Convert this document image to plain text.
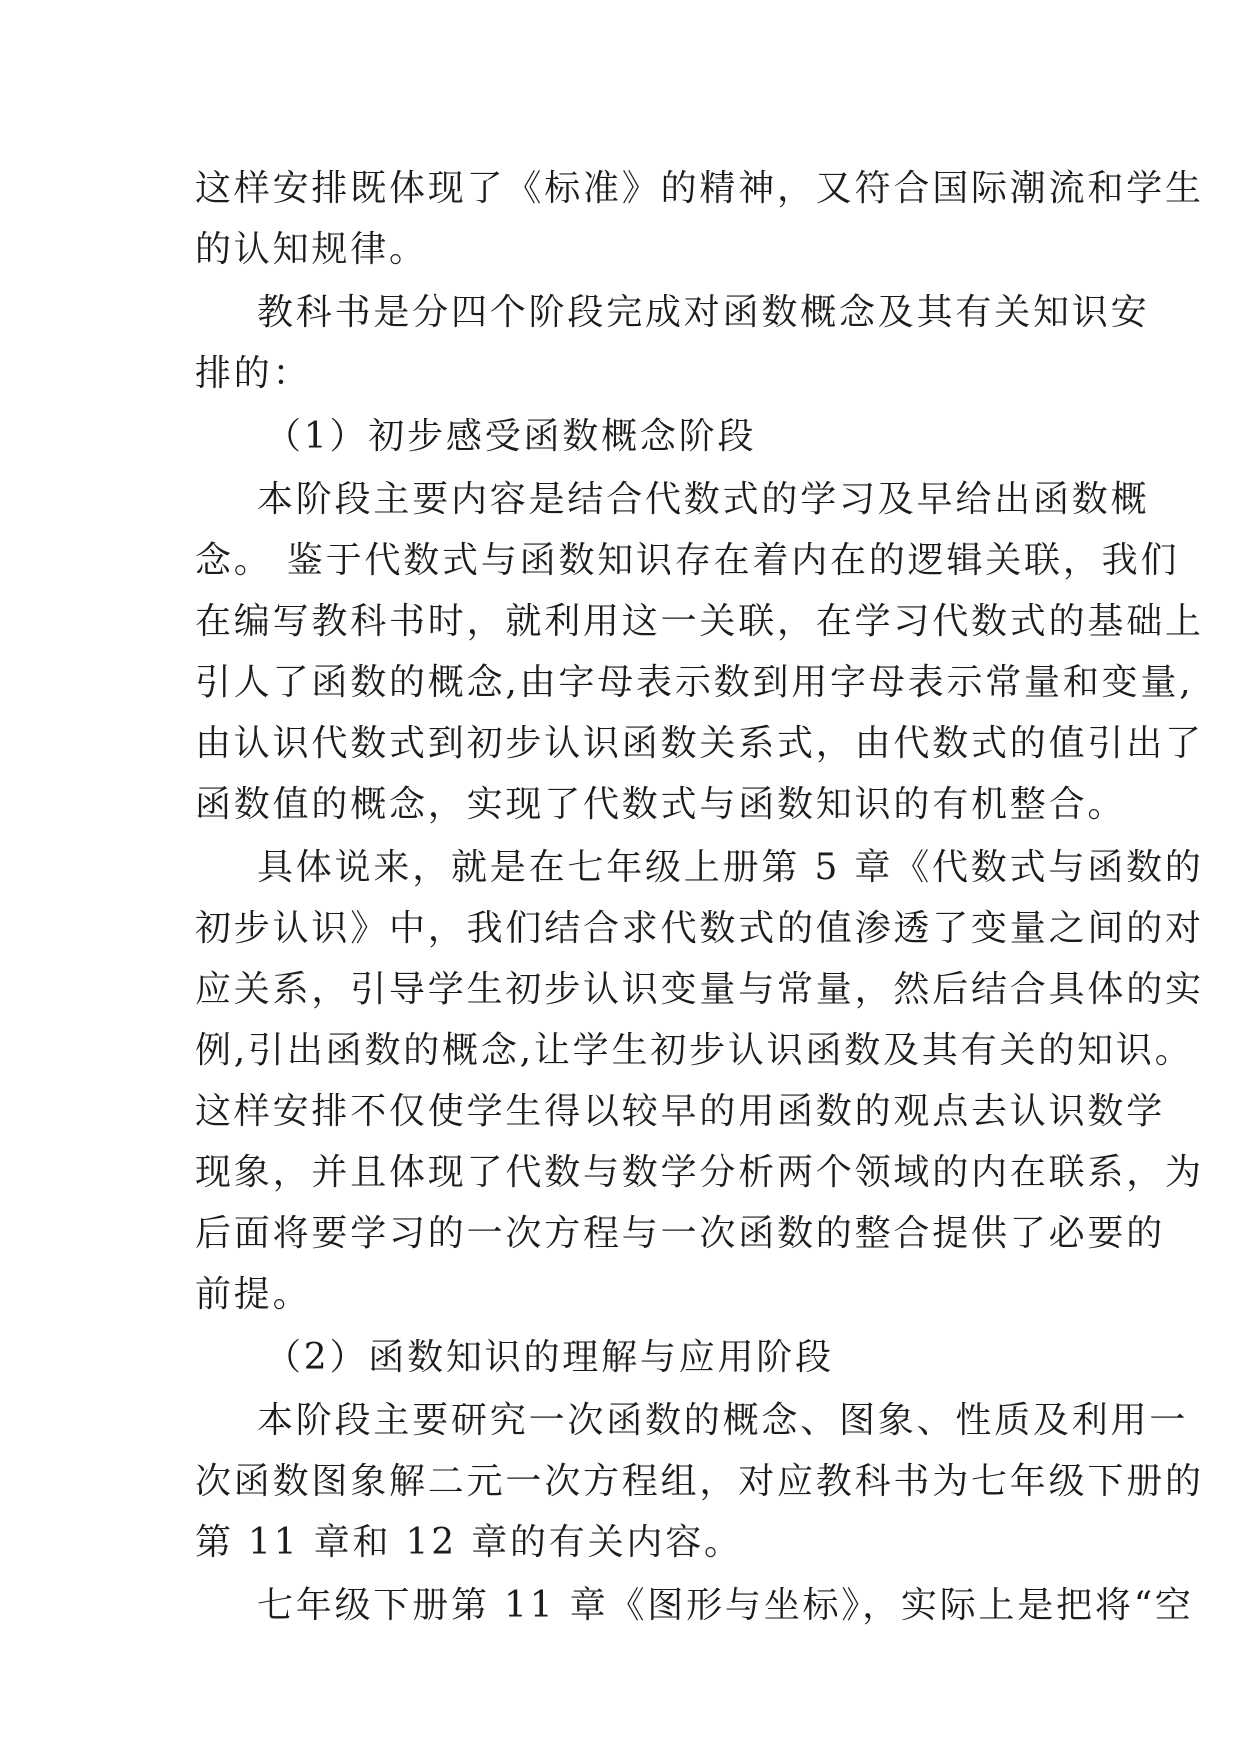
这样安排既体现了《标准》的精神，又符合国际潮流和学生
的认知规律。
教科书是分四个阶段完成对函数概念及其有关知识安
排的：
（1）初步感受函数概念阶段
本阶段主要内容是结合代数式的学习及早给出函数概
念。 鉴于代数式与函数知识存在着内在的逻辑关联，我们
在编写教科书时，就利用这一关联，在学习代数式的基础上
引人了函数的概念,由字母表示数到用字母表示常量和变量,
由认识代数式到初步认识函数关系式，由代数式的值引出了
函数值的概念，实现了代数式与函数知识的有机整合。
具体说来，就是在七年级上册第 5 章《代数式与函数的
初步认识》中，我们结合求代数式的值渗透了变量之间的对
应关系，引导学生初步认识变量与常量，然后结合具体的实
例,引出函数的概念,让学生初步认识函数及其有关的知识。
这样安排不仅使学生得以较早的用函数的观点去认识数学
现象，并且体现了代数与数学分析两个领域的内在联系，为
后面将要学习的一次方程与一次函数的整合提供了必要的
前提。
（2）函数知识的理解与应用阶段
本阶段主要研究一次函数的概念、图象、性质及利用一
次函数图象解二元一次方程组，对应教科书为七年级下册的
第 11 章和 12 章的有关内容。
七年级下册第 11 章《图形与坐标》，实际上是把将“空
